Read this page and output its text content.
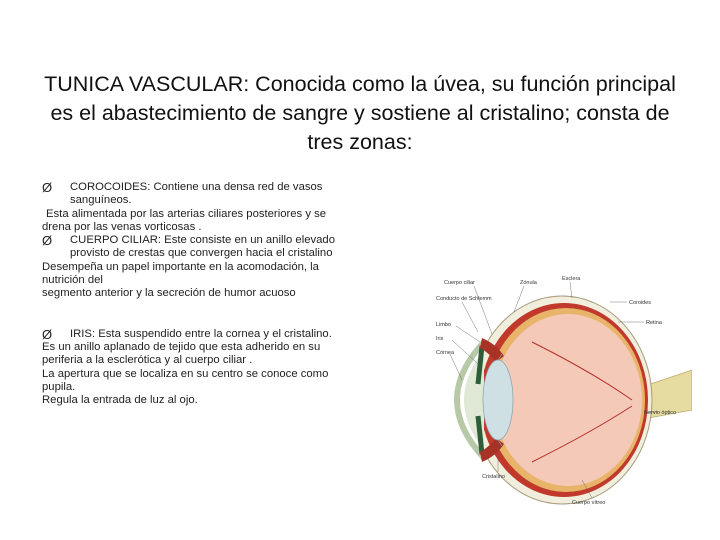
TUNICA VASCULAR: Conocida como la úvea, su función principal es el abastecimiento de sangre y sostiene al cristalino; consta de tres zonas:
Ø COROCOIDES: Contiene una densa red de vasos
sanguíneos.
Esta alimentada por las arterias ciliares posteriores y se
drena por las venas vorticosas .
Ø CUERPO CILIAR: Este consiste en un anillo elevado
provisto de crestas que convergen hacia el cristalino
Desempeña un papel importante en la acomodación, la
nutrición del
segmento anterior y la secreción de humor acuoso
Ø IRIS: Esta suspendido entre la cornea y el cristalino.
Es un anillo aplanado de tejido que esta adherido en su
periferia a la esclerótica y al cuerpo ciliar .
La apertura que se localiza en su centro se conoce como
pupila.
Regula la entrada de luz al ojo.
Cuerpo ciliar	Zónula
Esclera
Coroides
Conducto de Schlemm
Retina
Limbo
Iris
Córnea
Nervio óptico
Cristalino
Cuerpo vítreo
